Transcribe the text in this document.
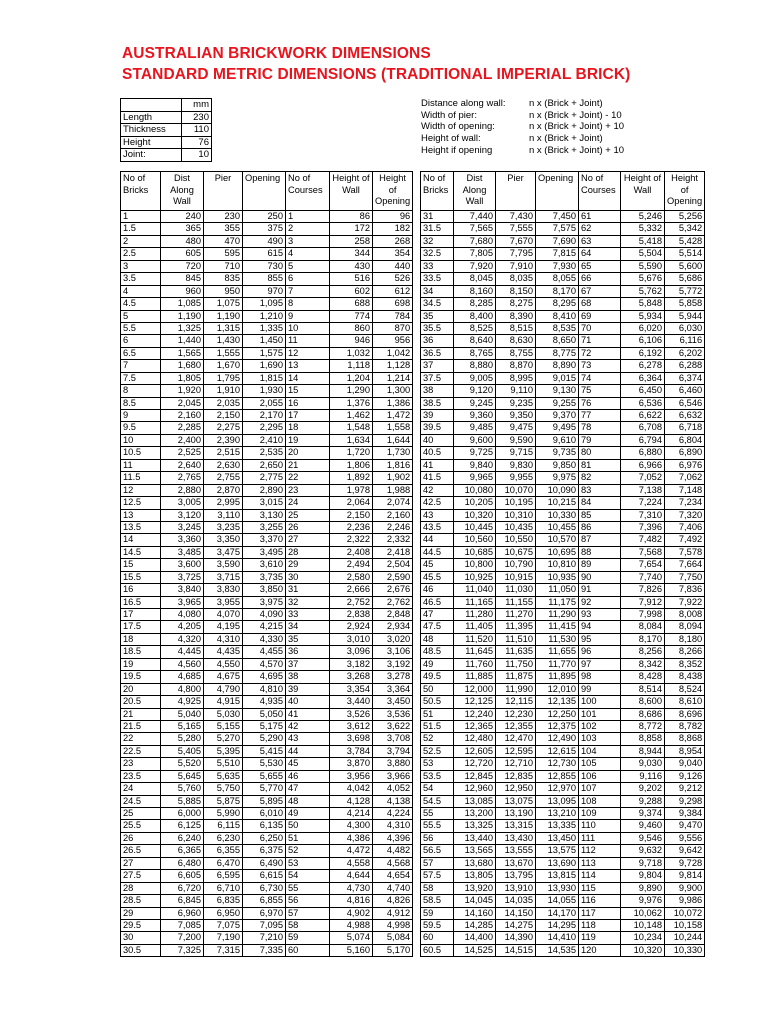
AUSTRALIAN BRICKWORK DIMENSIONS
STANDARD METRIC DIMENSIONS (TRADITIONAL IMPERIAL BRICK)
	mm
Length	230
Thickness	110
Height	76
Joint:	10
Distance along wall:	n x (Brick + Joint)
Width of pier:	n x (Brick + Joint) - 10
Width of opening:	n x (Brick + Joint) + 10
Height of wall:	n x (Brick + Joint)
Height if opening	n x (Brick + Joint) + 10
No of Bricks	Dist Along Wall	Pier	Opening	No of Courses	Height of Wall	Height of Opening
1	240	230	250	1	86	96
1.5	365	355	375	2	172	182
2	480	470	490	3	258	268
2.5	605	595	615	4	344	354
3	720	710	730	5	430	440
3.5	845	835	855	6	516	526
4	960	950	970	7	602	612
4.5	1,085	1,075	1,095	8	688	698
5	1,190	1,190	1,210	9	774	784
5.5	1,325	1,315	1,335	10	860	870
6	1,440	1,430	1,450	11	946	956
6.5	1,565	1,555	1,575	12	1,032	1,042
7	1,680	1,670	1,690	13	1,118	1,128
7.5	1,805	1,795	1,815	14	1,204	1,214
8	1,920	1,910	1,930	15	1,290	1,300
8.5	2,045	2,035	2,055	16	1,376	1,386
9	2,160	2,150	2,170	17	1,462	1,472
9.5	2,285	2,275	2,295	18	1,548	1,558
10	2,400	2,390	2,410	19	1,634	1,644
10.5	2,525	2,515	2,535	20	1,720	1,730
11	2,640	2,630	2,650	21	1,806	1,816
11.5	2,765	2,755	2,775	22	1,892	1,902
12	2,880	2,870	2,890	23	1,978	1,988
12.5	3,005	2,995	3,015	24	2,064	2,074
13	3,120	3,110	3,130	25	2,150	2,160
13.5	3,245	3,235	3,255	26	2,236	2,246
14	3,360	3,350	3,370	27	2,322	2,332
14.5	3,485	3,475	3,495	28	2,408	2,418
15	3,600	3,590	3,610	29	2,494	2,504
15.5	3,725	3,715	3,735	30	2,580	2,590
16	3,840	3,830	3,850	31	2,666	2,676
16.5	3,965	3,955	3,975	32	2,752	2,762
17	4,080	4,070	4,090	33	2,838	2,848
17.5	4,205	4,195	4,215	34	2,924	2,934
18	4,320	4,310	4,330	35	3,010	3,020
18.5	4,445	4,435	4,455	36	3,096	3,106
19	4,560	4,550	4,570	37	3,182	3,192
19.5	4,685	4,675	4,695	38	3,268	3,278
20	4,800	4,790	4,810	39	3,354	3,364
20.5	4,925	4,915	4,935	40	3,440	3,450
21	5,040	5,030	5,050	41	3,526	3,536
21.5	5,165	5,155	5,175	42	3,612	3,622
22	5,280	5,270	5,290	43	3,698	3,708
22.5	5,405	5,395	5,415	44	3,784	3,794
23	5,520	5,510	5,530	45	3,870	3,880
23.5	5,645	5,635	5,655	46	3,956	3,966
24	5,760	5,750	5,770	47	4,042	4,052
24.5	5,885	5,875	5,895	48	4,128	4,138
25	6,000	5,990	6,010	49	4,214	4,224
25.5	6,125	6,115	6,135	50	4,300	4,310
26	6,240	6,230	6,250	51	4,386	4,396
26.5	6,365	6,355	6,375	52	4,472	4,482
27	6,480	6,470	6,490	53	4,558	4,568
27.5	6,605	6,595	6,615	54	4,644	4,654
28	6,720	6,710	6,730	55	4,730	4,740
28.5	6,845	6,835	6,855	56	4,816	4,826
29	6,960	6,950	6,970	57	4,902	4,912
29.5	7,085	7,075	7,095	58	4,988	4,998
30	7,200	7,190	7,210	59	5,074	5,084
30.5	7,325	7,315	7,335	60	5,160	5,170
No of Bricks	Dist Along Wall	Pier	Opening	No of Courses	Height of Wall	Height of Opening
31	7,440	7,430	7,450	61	5,246	5,256
31.5	7,565	7,555	7,575	62	5,332	5,342
32	7,680	7,670	7,690	63	5,418	5,428
32.5	7,805	7,795	7,815	64	5,504	5,514
33	7,920	7,910	7,930	65	5,590	5,600
33.5	8,045	8,035	8,055	66	5,676	5,686
34	8,160	8,150	8,170	67	5,762	5,772
34.5	8,285	8,275	8,295	68	5,848	5,858
35	8,400	8,390	8,410	69	5,934	5,944
35.5	8,525	8,515	8,535	70	6,020	6,030
36	8,640	8,630	8,650	71	6,106	6,116
36.5	8,765	8,755	8,775	72	6,192	6,202
37	8,880	8,870	8,890	73	6,278	6,288
37.5	9,005	8,995	9,015	74	6,364	6,374
38	9,120	9,110	9,130	75	6,450	6,460
38.5	9,245	9,235	9,255	76	6,536	6,546
39	9,360	9,350	9,370	77	6,622	6,632
39.5	9,485	9,475	9,495	78	6,708	6,718
40	9,600	9,590	9,610	79	6,794	6,804
40.5	9,725	9,715	9,735	80	6,880	6,890
41	9,840	9,830	9,850	81	6,966	6,976
41.5	9,965	9,955	9,975	82	7,052	7,062
42	10,080	10,070	10,090	83	7,138	7,148
42.5	10,205	10,195	10,215	84	7,224	7,234
43	10,320	10,310	10,330	85	7,310	7,320
43.5	10,445	10,435	10,455	86	7,396	7,406
44	10,560	10,550	10,570	87	7,482	7,492
44.5	10,685	10,675	10,695	88	7,568	7,578
45	10,800	10,790	10,810	89	7,654	7,664
45.5	10,925	10,915	10,935	90	7,740	7,750
46	11,040	11,030	11,050	91	7,826	7,836
46.5	11,165	11,155	11,175	92	7,912	7,922
47	11,280	11,270	11,290	93	7,998	8,008
47.5	11,405	11,395	11,415	94	8,084	8,094
48	11,520	11,510	11,530	95	8,170	8,180
48.5	11,645	11,635	11,655	96	8,256	8,266
49	11,760	11,750	11,770	97	8,342	8,352
49.5	11,885	11,875	11,895	98	8,428	8,438
50	12,000	11,990	12,010	99	8,514	8,524
50.5	12,125	12,115	12,135	100	8,600	8,610
51	12,240	12,230	12,250	101	8,686	8,696
51.5	12,365	12,355	12,375	102	8,772	8,782
52	12,480	12,470	12,490	103	8,858	8,868
52.5	12,605	12,595	12,615	104	8,944	8,954
53	12,720	12,710	12,730	105	9,030	9,040
53.5	12,845	12,835	12,855	106	9,116	9,126
54	12,960	12,950	12,970	107	9,202	9,212
54.5	13,085	13,075	13,095	108	9,288	9,298
55	13,200	13,190	13,210	109	9,374	9,384
55.5	13,325	13,315	13,335	110	9,460	9,470
56	13,440	13,430	13,450	111	9,546	9,556
56.5	13,565	13,555	13,575	112	9,632	9,642
57	13,680	13,670	13,690	113	9,718	9,728
57.5	13,805	13,795	13,815	114	9,804	9,814
58	13,920	13,910	13,930	115	9,890	9,900
58.5	14,045	14,035	14,055	116	9,976	9,986
59	14,160	14,150	14,170	117	10,062	10,072
59.5	14,285	14,275	14,295	118	10,148	10,158
60	14,400	14,390	14,410	119	10,234	10,244
60.5	14,525	14,515	14,535	120	10,320	10,330
